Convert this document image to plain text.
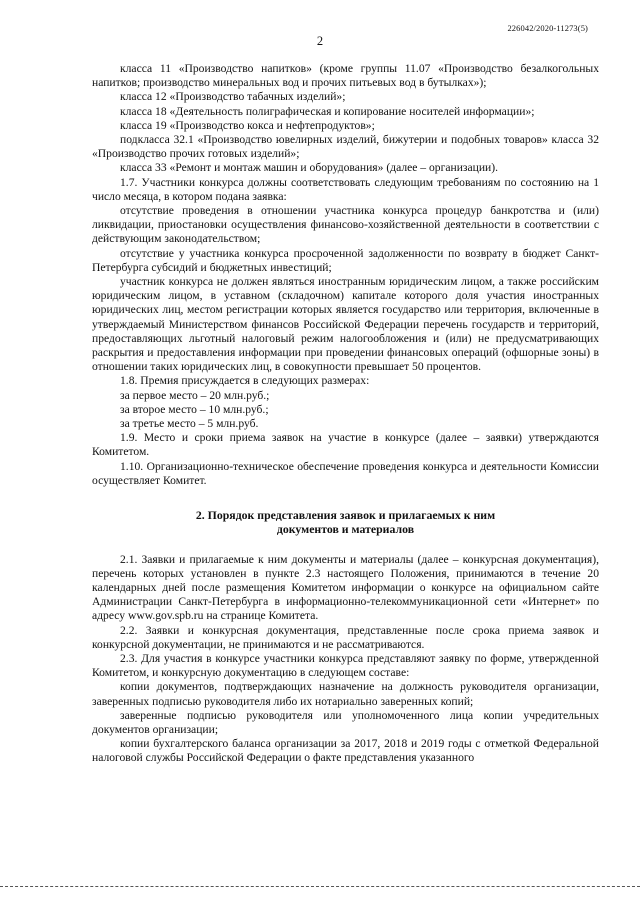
226042/2020-11273(5)
2

класса 11 «Производство напитков» (кроме группы 11.07 «Производство безалкогольных напитков; производство минеральных вод и прочих питьевых вод в бутылках»);

класса 12 «Производство табачных изделий»;

класса 18 «Деятельность полиграфическая и копирование носителей информации»;

класса 19 «Производство кокса и нефтепродуктов»;

подкласса 32.1 «Производство ювелирных изделий, бижутерии и подобных товаров» класса 32 «Производство прочих готовых изделий»;

класса 33 «Ремонт и монтаж машин и оборудования» (далее – организации).

1.7. Участники конкурса должны соответствовать следующим требованиям по состоянию на 1 число месяца, в котором подана заявка:

отсутствие проведения в отношении участника конкурса процедур банкротства и (или) ликвидации, приостановки осуществления финансово-хозяйственной деятельности в соответствии с действующим законодательством;

отсутствие у участника конкурса просроченной задолженности по возврату в бюджет Санкт-Петербурга субсидий и бюджетных инвестиций;

участник конкурса не должен являться иностранным юридическим лицом, а также российским юридическим лицом, в уставном (складочном) капитале которого доля участия иностранных юридических лиц, местом регистрации которых является государство или территория, включенные в утверждаемый Министерством финансов Российской Федерации перечень государств и территорий, предоставляющих льготный налоговый режим налогообложения и (или) не предусматривающих раскрытия и предоставления информации при проведении финансовых операций (офшорные зоны) в отношении таких юридических лиц, в совокупности превышает 50 процентов.

1.8. Премия присуждается в следующих размерах:

за первое место – 20 млн.руб.;

за второе место – 10 млн.руб.;

за третье место – 5 млн.руб.

1.9. Место и сроки приема заявок на участие в конкурсе (далее – заявки) утверждаются Комитетом.

1.10. Организационно-техническое обеспечение проведения конкурса и деятельности Комиссии осуществляет Комитет.

2. Порядок представления заявок и прилагаемых к ним

документов и материалов

2.1. Заявки и прилагаемые к ним документы и материалы (далее – конкурсная документация), перечень которых установлен в пункте 2.3 настоящего Положения, принимаются в течение 20 календарных дней после размещения Комитетом информации о конкурсе на официальном сайте Администрации Санкт-Петербурга в информационно-телекоммуникационной сети «Интернет» по адресу www.gov.spb.ru на странице Комитета.

2.2. Заявки и конкурсная документация, представленные после срока приема заявок и конкурсной документации, не принимаются и не рассматриваются.

2.3. Для участия в конкурсе участники конкурса представляют заявку по форме, утвержденной Комитетом, и конкурсную документацию в следующем составе:

копии документов, подтверждающих назначение на должность руководителя организации, заверенных подписью руководителя либо их нотариально заверенных копий;

заверенные подписью руководителя или уполномоченного лица копии учредительных документов организации;

копии бухгалтерского баланса организации за 2017, 2018 и 2019 годы с отметкой Федеральной налоговой службы Российской Федерации о факте представления указанного
